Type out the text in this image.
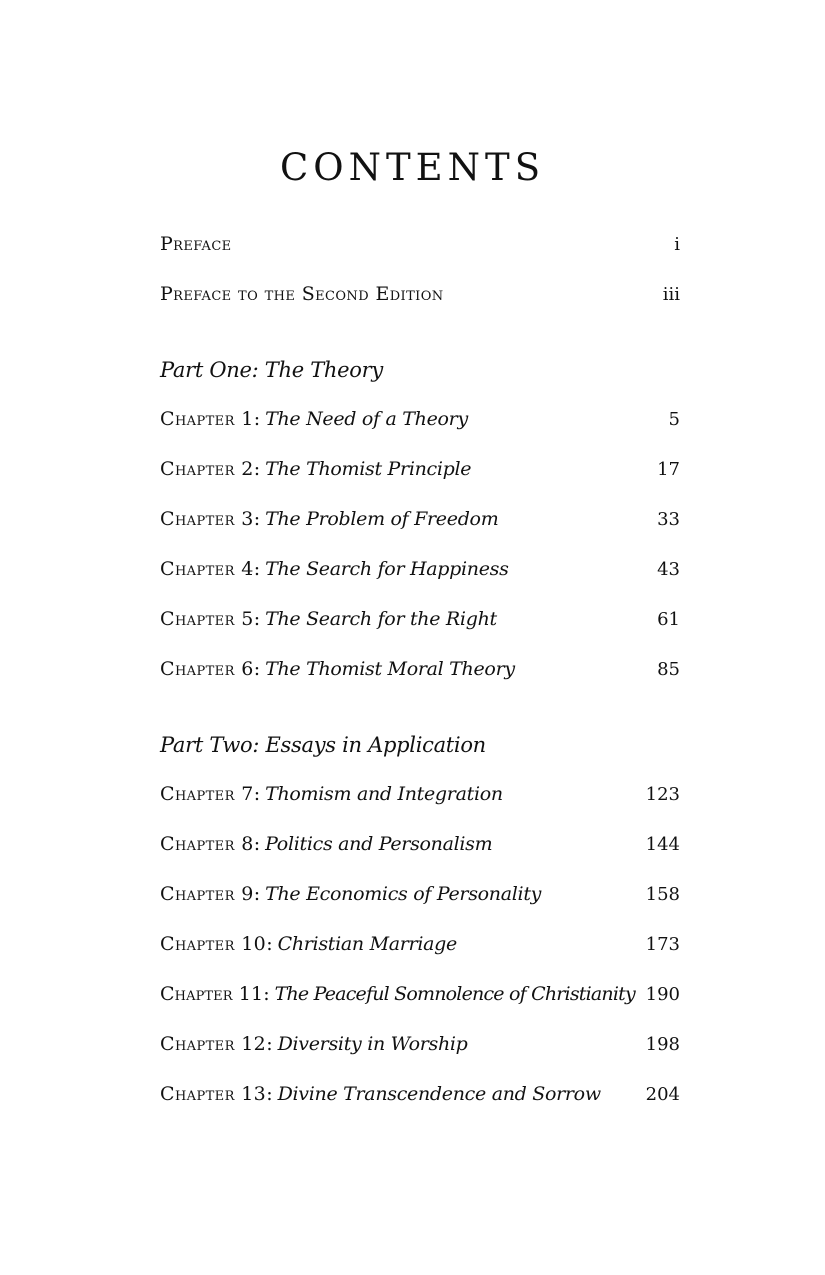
CONTENTS
Preface	i
Preface to the Second Edition	iii
Part One: The Theory
Chapter 1 : The Need of a Theory	5
Chapter 2 : The Thomist Principle	17
Chapter 3 : The Problem of Freedom	33
Chapter 4 : The Search for Happiness	43
Chapter 5 : The Search for the Right	61
Chapter 6 : The Thomist Moral Theory	85
Part Two: Essays in Application
Chapter 7 : Thomism and Integration	123
Chapter 8 : Politics and Personalism	144
Chapter 9 : The Economics of Personality	158
Chapter 10 : Christian Marriage	173
Chapter 11 : The Peaceful Somnolence of Christianity 190
Chapter 12 : Diversity in Worship	198
Chapter 13 : Divine Transcendence and Sorrow 204
